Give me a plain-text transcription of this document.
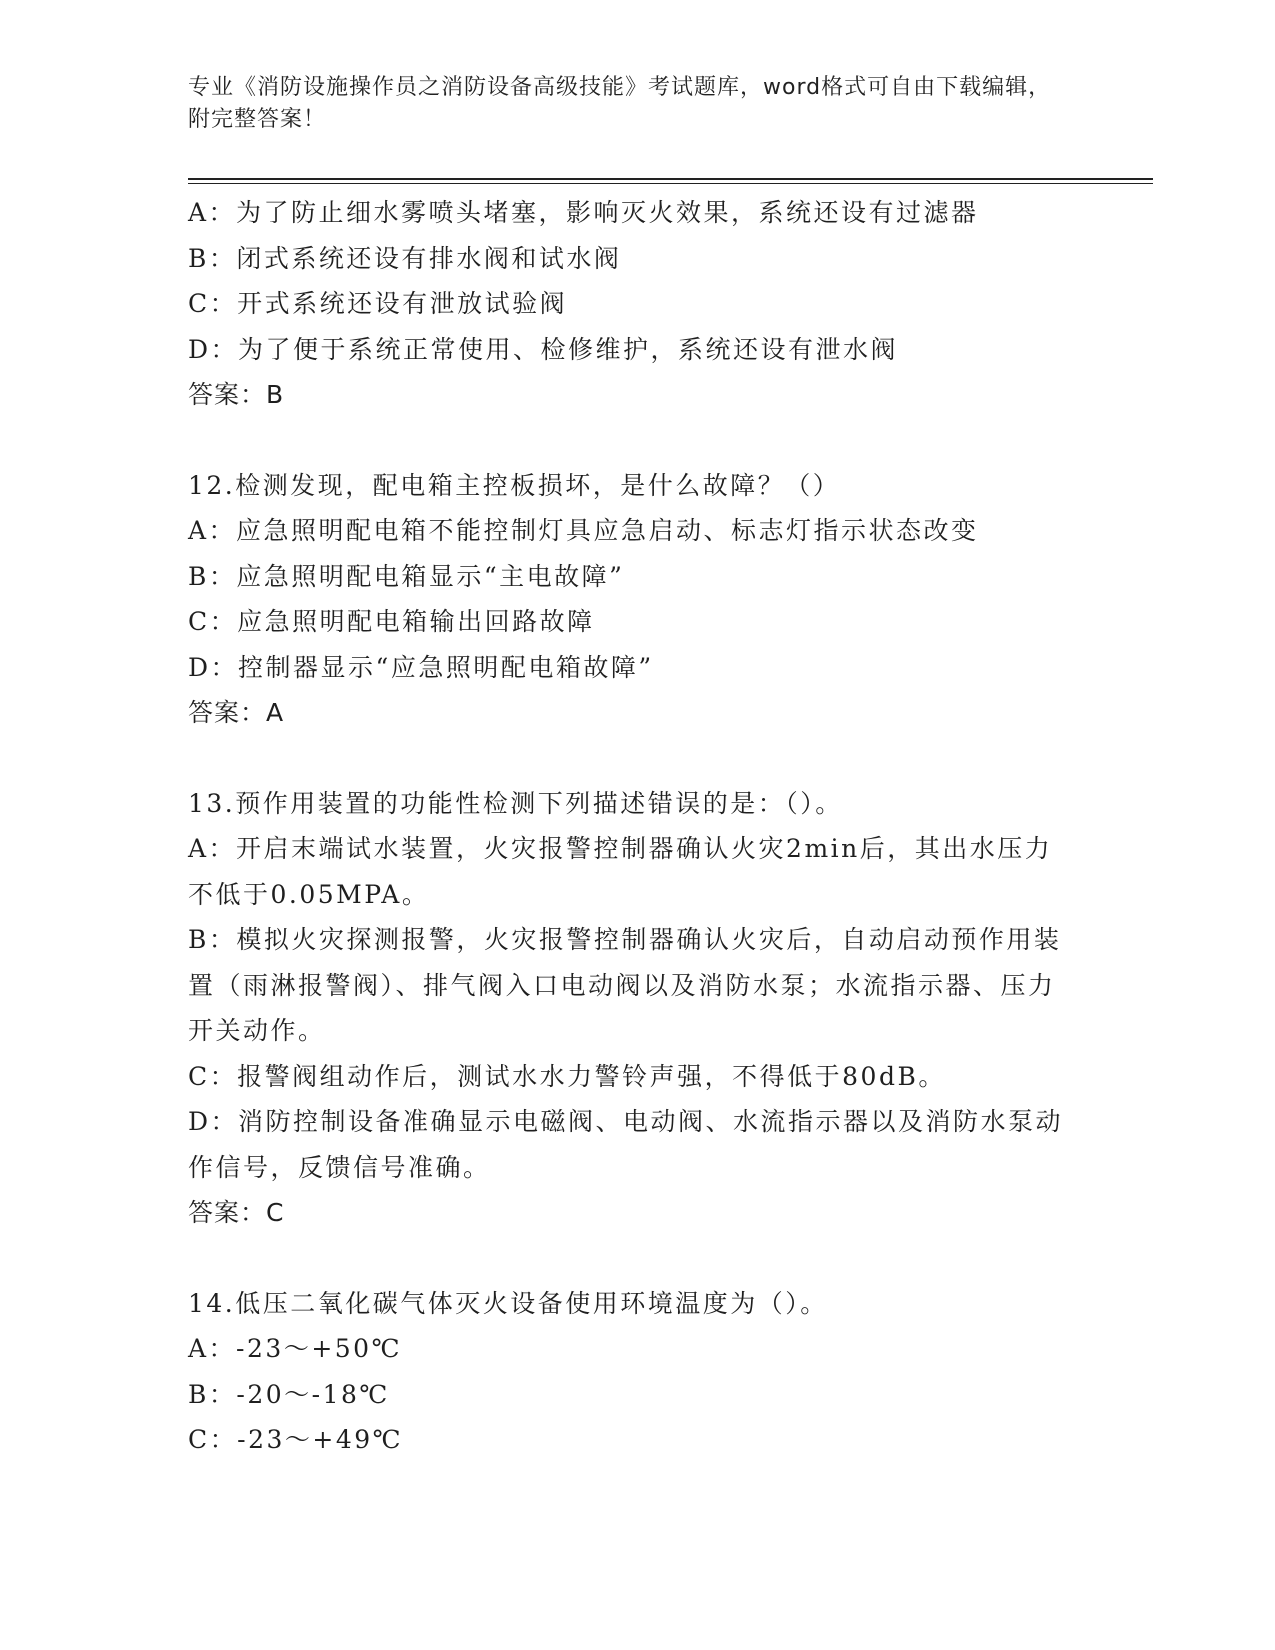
专业《消防设施操作员之消防设备高级技能》考试题库，word格式可自由下载编辑，附完整答案！
A：为了防止细水雾喷头堵塞，影响灭火效果，系统还设有过滤器
B：闭式系统还设有排水阀和试水阀
C：开式系统还设有泄放试验阀
D：为了便于系统正常使用、检修维护，系统还设有泄水阀
答案：B
12.检测发现，配电箱主控板损坏，是什么故障？（）
A：应急照明配电箱不能控制灯具应急启动、标志灯指示状态改变
B：应急照明配电箱显示“主电故障”
C：应急照明配电箱输出回路故障
D：控制器显示“应急照明配电箱故障”
答案：A
13.预作用装置的功能性检测下列描述错误的是：（）。
A：开启末端试水装置，火灾报警控制器确认火灾2min后，其出水压力不低于0.05MPA。
B：模拟火灾探测报警，火灾报警控制器确认火灾后，自动启动预作用装置（雨淋报警阀）、排气阀入口电动阀以及消防水泵；水流指示器、压力开关动作。
C：报警阀组动作后，测试水水力警铃声强，不得低于80dB。
D：消防控制设备准确显示电磁阀、电动阀、水流指示器以及消防水泵动作信号，反馈信号准确。
答案：C
14.低压二氧化碳气体灭火设备使用环境温度为（）。
A：-23～+50℃
B：-20～-18℃
C：-23～+49℃
